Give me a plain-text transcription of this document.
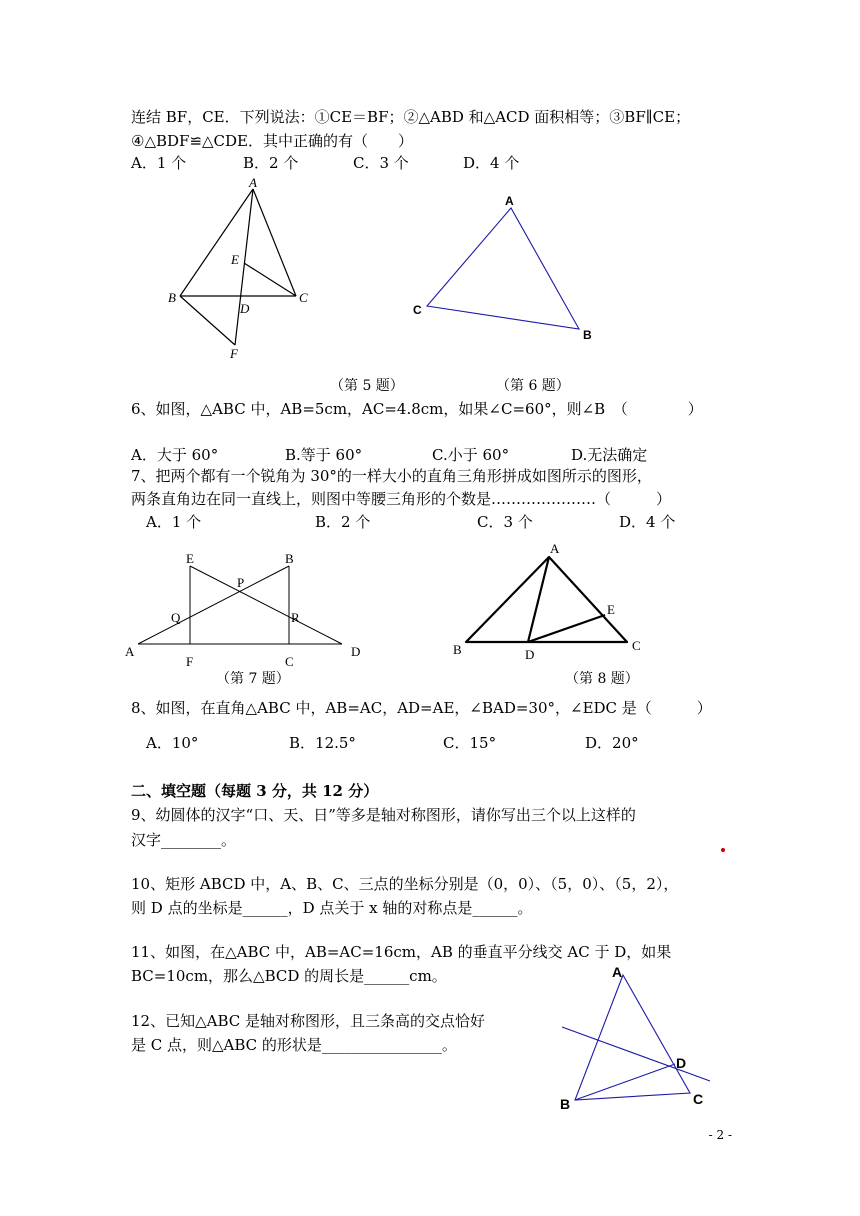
连结 BF，CE．下列说法：①CE＝BF；②△ABD 和△ACD 面积相等；③BF∥CE；
④△BDF≌△CDE．其中正确的有（　　）
A．1 个	B．2 个	C．3 个	D．4 个
A
B	C
D
E
F
A
C
B
（第 5 题）	（第 6 题）
6、如图，△ABC 中，AB=5cm，AC=4.8cm，如果∠C=60°，则∠B　（　　　　）
A．大于 60°	B.等于 60°	C.小于 60°	D.无法确定
7、把两个都有一个锐角为 30°的一样大小的直角三角形拼成如图所示的图形，
两条直角边在同一直线上，则图中等腰三角形的个数是…………………（　　　）
A．1 个	B．2 个	C．3 个	D．4 个
E	B
P
Q	R
A
F	C
D
A
E
B	D
C
（第 7 题）	（第 8 题）
8、如图，在直角△ABC 中，AB=AC，AD=AE，∠BAD=30°，∠EDC 是（　　　）
A．10°	B．12.5°	C．15°	D．20°
二、填空题（每题 3 分，共 12 分）
9、幼圆体的汉字“口、天、日”等多是轴对称图形，请你写出三个以上这样的
汉字________。
10、矩形 ABCD 中，A、B、C、三点的坐标分别是（0，0）、（5，0）、（5，2），
则 D 点的坐标是______，D 点关于 x 轴的对称点是______。
11、如图，在△ABC 中，AB=AC=16cm，AB 的垂直平分线交 AC 于 D，如果
BC=10cm，那么△BCD 的周长是______cm。
12、已知△ABC 是轴对称图形，且三条高的交点恰好
是 C 点，则△ABC 的形状是________________。
A
D
B	C
- 2 -
